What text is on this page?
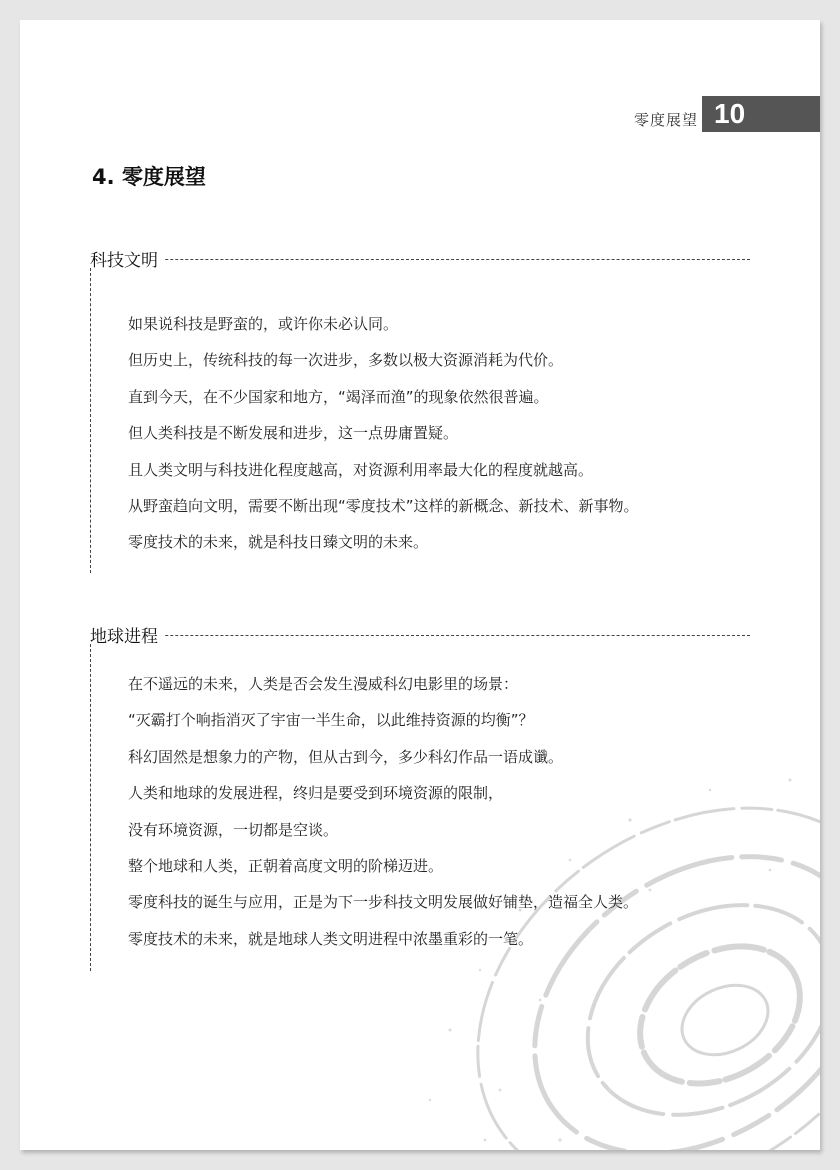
零度展望 10
4. 零度展望
科技文明

如果说科技是野蛮的，或许你未必认同。

但历史上，传统科技的每一次进步，多数以极大资源消耗为代价。

直到今天，在不少国家和地方，“竭泽而渔”的现象依然很普遍。

但人类科技是不断发展和进步，这一点毋庸置疑。

且人类文明与科技进化程度越高，对资源利用率最大化的程度就越高。

从野蛮趋向文明，需要不断出现“零度技术”这样的新概念、新技术、新事物。

零度技术的未来，就是科技日臻文明的未来。

地球进程

在不遥远的未来，人类是否会发生漫威科幻电影里的场景：

“灭霸打个响指消灭了宇宙一半生命，以此维持资源的均衡”？

科幻固然是想象力的产物，但从古到今，多少科幻作品一语成谶。

人类和地球的发展进程，终归是要受到环境资源的限制，

没有环境资源，一切都是空谈。

整个地球和人类，正朝着高度文明的阶梯迈进。

零度科技的诞生与应用，正是为下一步科技文明发展做好铺垫，造福全人类。

零度技术的未来，就是地球人类文明进程中浓墨重彩的一笔。
